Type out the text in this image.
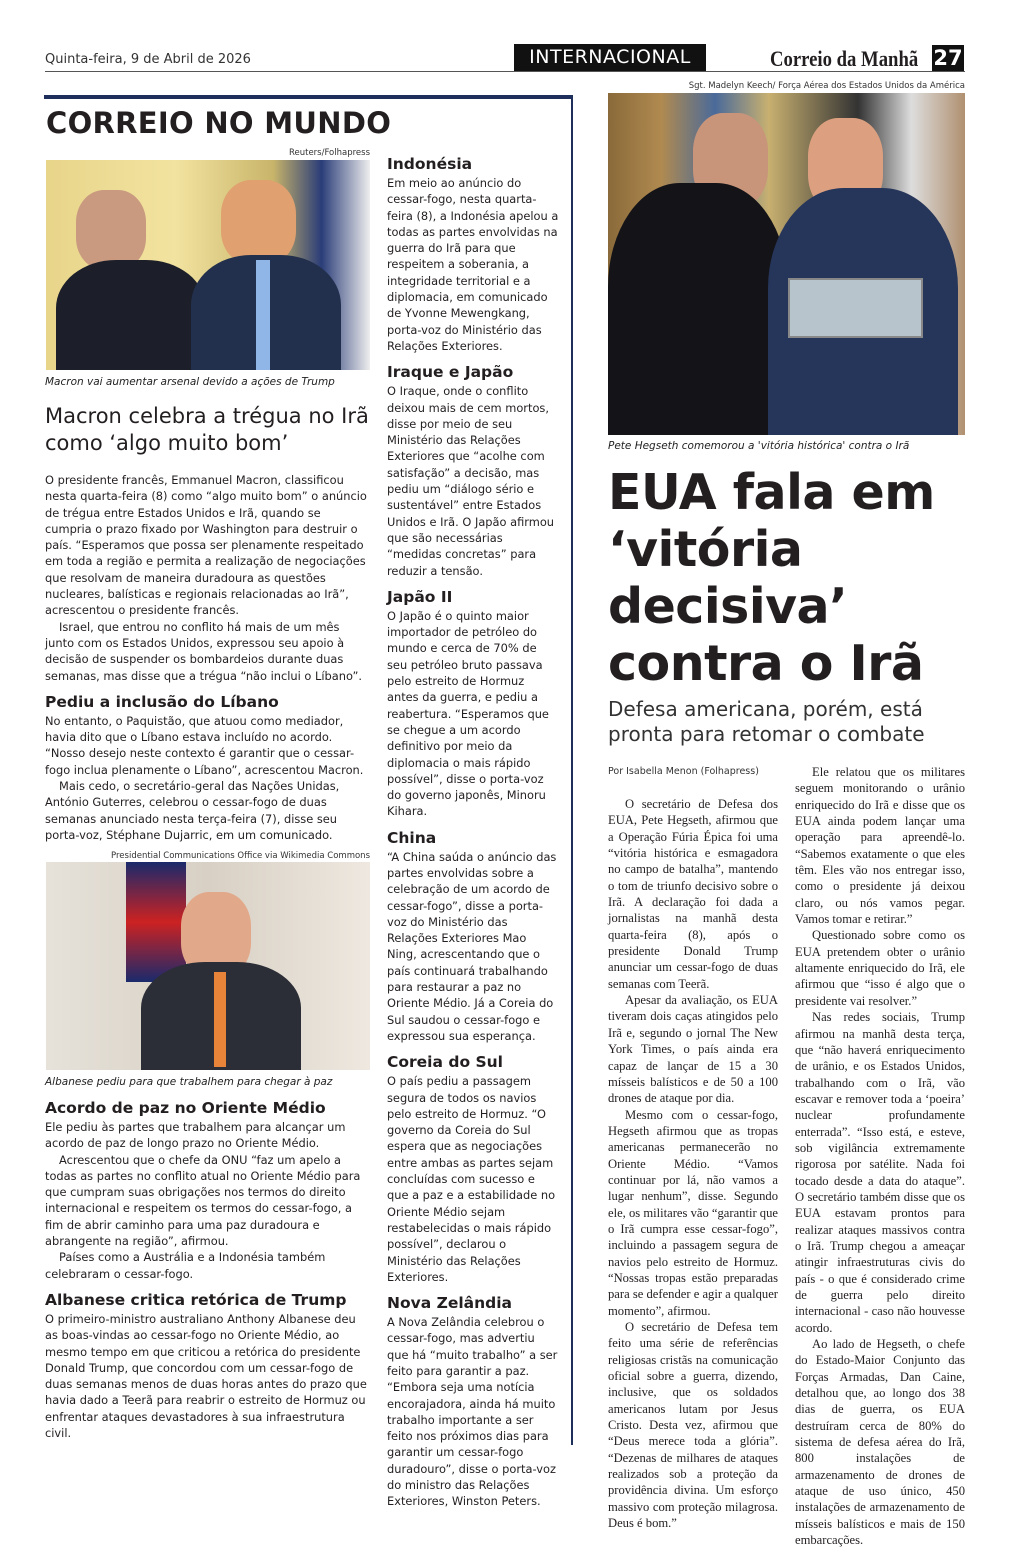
Quinta-feira, 9 de Abril de 2026	INTERNACIONAL	Correio da Manhã 27
CORREIO NO MUNDO
Reuters/Folhapress
Macron vai aumentar arsenal devido a ações de Trump
Macron celebra a trégua no Irã como ‘algo muito bom’

O presidente francês, Emmanuel Macron, classificou nesta quarta-feira (8) como “algo muito bom” o anúncio de trégua entre Estados Unidos e Irã, quando se cumpria o prazo fixado por Washington para destruir o país. “Esperamos que possa ser plenamente respeitado em toda a região e permita a realização de negociações que resolvam de maneira duradoura as questões nucleares, balísticas e regionais relacionadas ao Irã”, acrescentou o presidente francês.

Israel, que entrou no conflito há mais de um mês junto com os Estados Unidos, expressou seu apoio à decisão de suspender os bombardeios durante duas semanas, mas disse que a trégua “não inclui o Líbano”.

Pediu a inclusão do Líbano

No entanto, o Paquistão, que atuou como mediador, havia dito que o Líbano estava incluído no acordo. “Nosso desejo neste contexto é garantir que o cessar-fogo inclua plenamente o Líbano”, acrescentou Macron.

Mais cedo, o secretário-geral das Nações Unidas, António Guterres, celebrou o cessar-fogo de duas semanas anunciado nesta terça-feira (7), disse seu porta-voz, Stéphane Dujarric, em um comunicado.

Presidential Communications Office via Wikimedia Commons
Albanese pediu para que trabalhem para chegar à paz
Acordo de paz no Oriente Médio

Ele pediu às partes que trabalhem para alcançar um acordo de paz de longo prazo no Oriente Médio.

Acrescentou que o chefe da ONU “faz um apelo a todas as partes no conflito atual no Oriente Médio para que cumpram suas obrigações nos termos do direito internacional e respeitem os termos do cessar-fogo, a fim de abrir caminho para uma paz duradoura e abrangente na região”, afirmou.

Países como a Austrália e a Indonésia também celebraram o cessar-fogo.

Albanese critica retórica de Trump

O primeiro-ministro australiano Anthony Albanese deu as boas-vindas ao cessar-fogo no Oriente Médio, ao mesmo tempo em que criticou a retórica do presidente Donald Trump, que concordou com um cessar-fogo de duas semanas menos de duas horas antes do prazo que havia dado a Teerã para reabrir o estreito de Hormuz ou enfrentar ataques devastadores à sua infraestrutura civil.

Indonésia

Em meio ao anúncio do cessar-fogo, nesta quarta-feira (8), a Indonésia apelou a todas as partes envolvidas na guerra do Irã para que respeitem a soberania, a integridade territorial e a diplomacia, em comunicado de Yvonne Mewengkang, porta-voz do Ministério das Relações Exteriores.

Iraque e Japão

O Iraque, onde o conflito deixou mais de cem mortos, disse por meio de seu Ministério das Relações Exteriores que “acolhe com satisfação” a decisão, mas pediu um “diálogo sério e sustentável” entre Estados Unidos e Irã. O Japão afirmou que são necessárias “medidas concretas” para reduzir a tensão.

Japão II

O Japão é o quinto maior importador de petróleo do mundo e cerca de 70% de seu petróleo bruto passava pelo estreito de Hormuz antes da guerra, e pediu a reabertura. “Esperamos que se chegue a um acordo definitivo por meio da diplomacia o mais rápido possível”, disse o porta-voz do governo japonês, Minoru Kihara.

China

“A China saúda o anúncio das partes envolvidas sobre a celebração de um acordo de cessar-fogo”, disse a porta-voz do Ministério das Relações Exteriores Mao Ning, acrescentando que o país continuará trabalhando para restaurar a paz no Oriente Médio. Já a Coreia do Sul saudou o cessar-fogo e expressou sua esperança.

Coreia do Sul

O país pediu a passagem segura de todos os navios pelo estreito de Hormuz. “O governo da Coreia do Sul espera que as negociações entre ambas as partes sejam concluídas com sucesso e que a paz e a estabilidade no Oriente Médio sejam restabelecidas o mais rápido possível”, declarou o Ministério das Relações Exteriores.

Nova Zelândia

A Nova Zelândia celebrou o cessar-fogo, mas advertiu que há “muito trabalho” a ser feito para garantir a paz. “Embora seja uma notícia encorajadora, ainda há muito trabalho importante a ser feito nos próximos dias para garantir um cessar-fogo duradouro”, disse o porta-voz do ministro das Relações Exteriores, Winston Peters.

Sgt. Madelyn Keech/ Força Aérea dos Estados Unidos da América
Pete Hegseth comemorou a 'vitória histórica' contra o Irã
EUA fala em ‘vitória decisiva’ contra o Irã
Defesa americana, porém, está pronta para retomar o combate
Por Isabella Menon (Folhapress)

O secretário de Defesa dos EUA, Pete Hegseth, afirmou que a Operação Fúria Épica foi uma “vitória histórica e esmagadora no campo de batalha”, mantendo o tom de triunfo decisivo sobre o Irã. A declaração foi dada a jornalistas na manhã desta quarta-feira (8), após o presidente Donald Trump anunciar um cessar-fogo de duas semanas com Teerã.

Apesar da avaliação, os EUA tiveram dois caças atingidos pelo Irã e, segundo o jornal The New York Times, o país ainda era capaz de lançar de 15 a 30 mísseis balísticos e de 50 a 100 drones de ataque por dia.

Mesmo com o cessar-fogo, Hegseth afirmou que as tropas americanas permanecerão no Oriente Médio. “Vamos continuar por lá, não vamos a lugar nenhum”, disse. Segundo ele, os militares vão “garantir que o Irã cumpra esse cessar-fogo”, incluindo a passagem segura de navios pelo estreito de Hormuz. “Nossas tropas estão preparadas para se defender e agir a qualquer momento”, afirmou.

O secretário de Defesa tem feito uma série de referências religiosas cristãs na comunicação oficial sobre a guerra, dizendo, inclusive, que os soldados americanos lutam por Jesus Cristo. Desta vez, afirmou que “Deus merece toda a glória”. “Dezenas de milhares de ataques realizados sob a proteção da providência divina. Um esforço massivo com proteção milagrosa. Deus é bom.”

Ele relatou que os militares seguem monitorando o urânio enriquecido do Irã e disse que os EUA ainda podem lançar uma operação para apreendê-lo. “Sabemos exatamente o que eles têm. Eles vão nos entregar isso, como o presidente já deixou claro, ou nós vamos pegar. Vamos tomar e retirar.”

Questionado sobre como os EUA pretendem obter o urânio altamente enriquecido do Irã, ele afirmou que “isso é algo que o presidente vai resolver.”

Nas redes sociais, Trump afirmou na manhã desta terça, que “não haverá enriquecimento de urânio, e os Estados Unidos, trabalhando com o Irã, vão escavar e remover toda a ‘poeira’ nuclear profundamente enterrada”. “Isso está, e esteve, sob vigilância extremamente rigorosa por satélite. Nada foi tocado desde a data do ataque”. O secretário também disse que os EUA estavam prontos para realizar ataques massivos contra o Irã. Trump chegou a ameaçar atingir infraestruturas civis do país - o que é considerado crime de guerra pelo direito internacional - caso não houvesse acordo.

Ao lado de Hegseth, o chefe do Estado-Maior Conjunto das Forças Armadas, Dan Caine, detalhou que, ao longo dos 38 dias de guerra, os EUA destruíram cerca de 80% do sistema de defesa aérea do Irã, 800 instalações de armazenamento de drones de ataque de uso único, 450 instalações de armazenamento de mísseis balísticos e mais de 150 embarcações.
